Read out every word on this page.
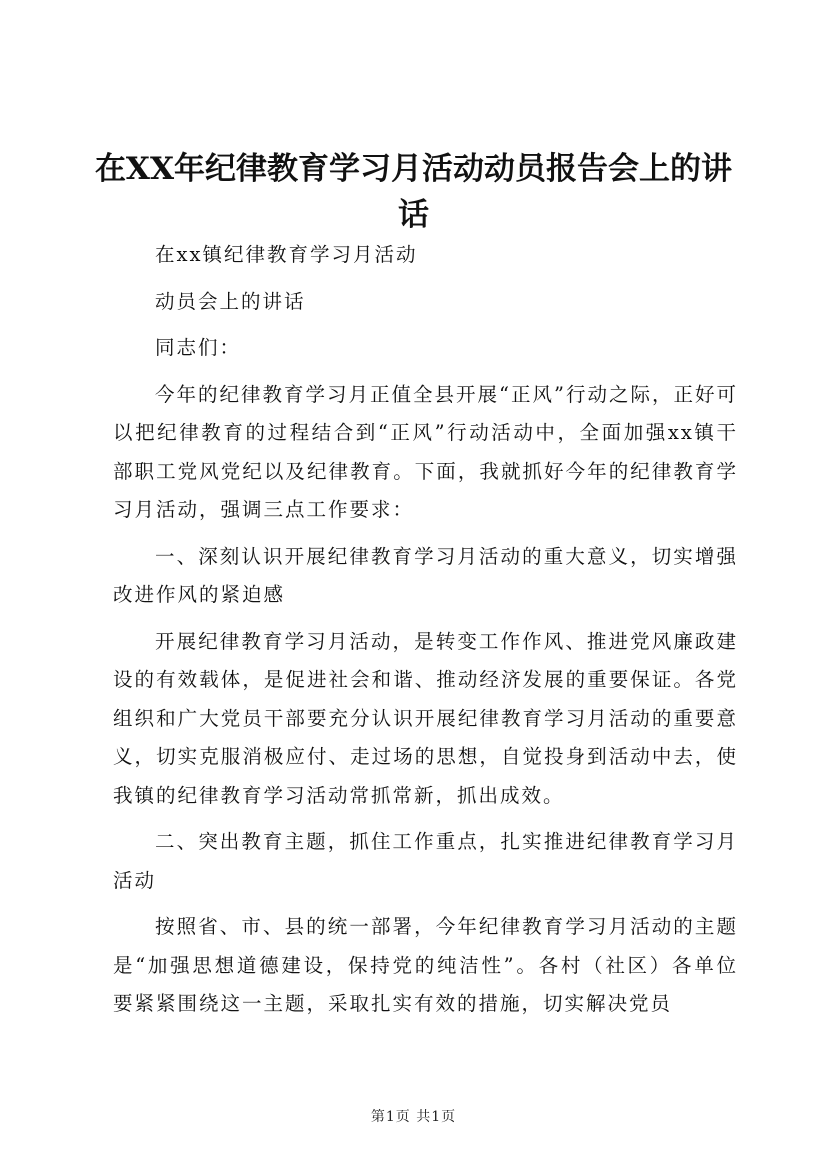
在XX年纪律教育学习月活动动员报告会上的讲话

在xx镇纪律教育学习月活动

动员会上的讲话

同志们：

今年的纪律教育学习月正值全县开展“正风”行动之际，正好可以把纪律教育的过程结合到“正风”行动活动中，全面加强xx镇干部职工党风党纪以及纪律教育。下面，我就抓好今年的纪律教育学习月活动，强调三点工作要求：

一、深刻认识开展纪律教育学习月活动的重大意义，切实增强改进作风的紧迫感

开展纪律教育学习月活动，是转变工作作风、推进党风廉政建设的有效载体，是促进社会和谐、推动经济发展的重要保证。各党组织和广大党员干部要充分认识开展纪律教育学习月活动的重要意义，切实克服消极应付、走过场的思想，自觉投身到活动中去，使我镇的纪律教育学习活动常抓常新，抓出成效。

二、突出教育主题，抓住工作重点，扎实推进纪律教育学习月活动

按照省、市、县的统一部署，今年纪律教育学习月活动的主题是“加强思想道德建设，保持党的纯洁性”。各村（社区）各单位要紧紧围绕这一主题，采取扎实有效的措施，切实解决党员

第1页 共1页
